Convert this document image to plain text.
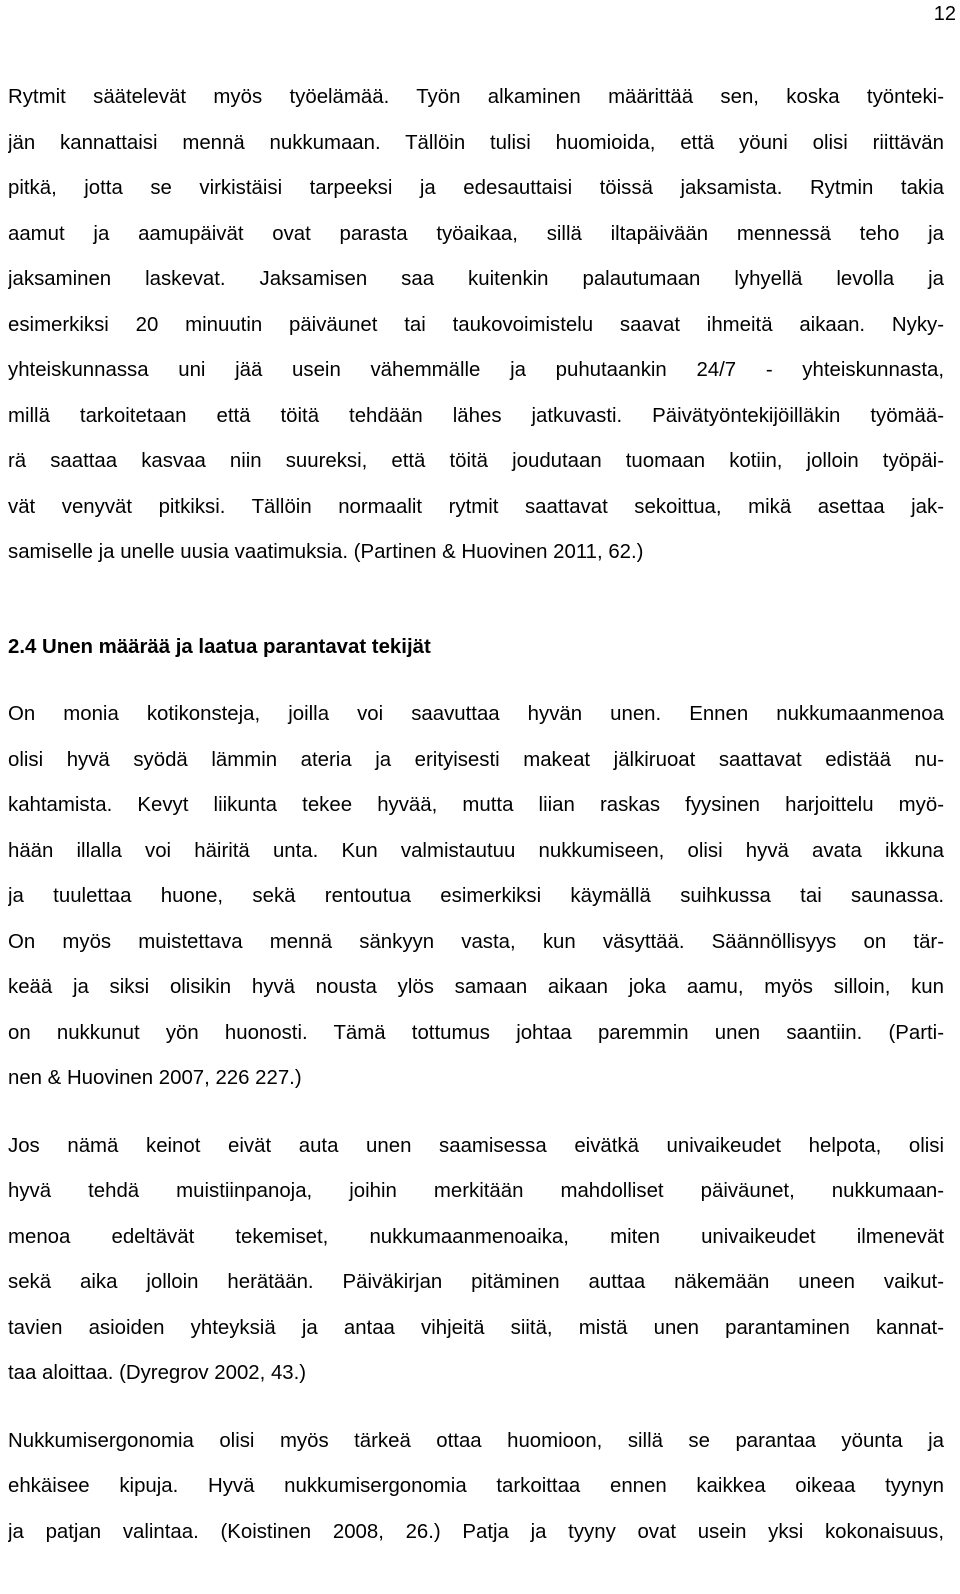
12
Rytmit säätelevät myös työelämää. Työn alkaminen määrittää sen, koska työnteki-
jän kannattaisi mennä nukkumaan. Tällöin tulisi huomioida, että yöuni olisi riittävän
pitkä, jotta se virkistäisi tarpeeksi ja edesauttaisi töissä jaksamista. Rytmin takia
aamut ja aamupäivät ovat parasta työaikaa, sillä iltapäivään mennessä teho ja
jaksaminen laskevat. Jaksamisen saa kuitenkin palautumaan lyhyellä levolla ja
esimerkiksi 20 minuutin päiväunet tai taukovoimistelu saavat ihmeitä aikaan. Nyky-
yhteiskunnassa uni jää usein vähemmälle ja puhutaankin 24/7 - yhteiskunnasta,
millä tarkoitetaan että töitä tehdään lähes jatkuvasti. Päivätyöntekijöilläkin työmää-
rä saattaa kasvaa niin suureksi, että töitä joudutaan tuomaan kotiin, jolloin työpäi-
vät venyvät pitkiksi. Tällöin normaalit rytmit saattavat sekoittua, mikä asettaa jak-
samiselle ja unelle uusia vaatimuksia. (Partinen & Huovinen 2011, 62.)
2.4 Unen määrää ja laatua parantavat tekijät
On monia kotikonsteja, joilla voi saavuttaa hyvän unen. Ennen nukkumaanmenoa
olisi hyvä syödä lämmin ateria ja erityisesti makeat jälkiruoat saattavat edistää nu-
kahtamista. Kevyt liikunta tekee hyvää, mutta liian raskas fyysinen harjoittelu myö-
hään illalla voi häiritä unta. Kun valmistautuu nukkumiseen, olisi hyvä avata ikkuna
ja tuulettaa huone, sekä rentoutua esimerkiksi käymällä suihkussa tai saunassa.
On myös muistettava mennä sänkyyn vasta, kun väsyttää. Säännöllisyys on tär-
keää ja siksi olisikin hyvä nousta ylös samaan aikaan joka aamu, myös silloin, kun
on nukkunut yön huonosti. Tämä tottumus johtaa paremmin unen saantiin. (Parti-
nen & Huovinen 2007, 226 227.)
Jos nämä keinot eivät auta unen saamisessa eivätkä univaikeudet helpota, olisi
hyvä tehdä muistiinpanoja, joihin merkitään mahdolliset päiväunet, nukkumaan-
menoa edeltävät tekemiset, nukkumaanmenoaika, miten univaikeudet ilmenevät
sekä aika jolloin herätään. Päiväkirjan pitäminen auttaa näkemään uneen vaikut-
tavien asioiden yhteyksiä ja antaa vihjeitä siitä, mistä unen parantaminen kannat-
taa aloittaa. (Dyregrov 2002, 43.)
Nukkumisergonomia olisi myös tärkeä ottaa huomioon, sillä se parantaa yöunta ja
ehkäisee kipuja. Hyvä nukkumisergonomia tarkoittaa ennen kaikkea oikeaa tyynyn
ja patjan valintaa. (Koistinen 2008, 26.) Patja ja tyyny ovat usein yksi kokonaisuus,
